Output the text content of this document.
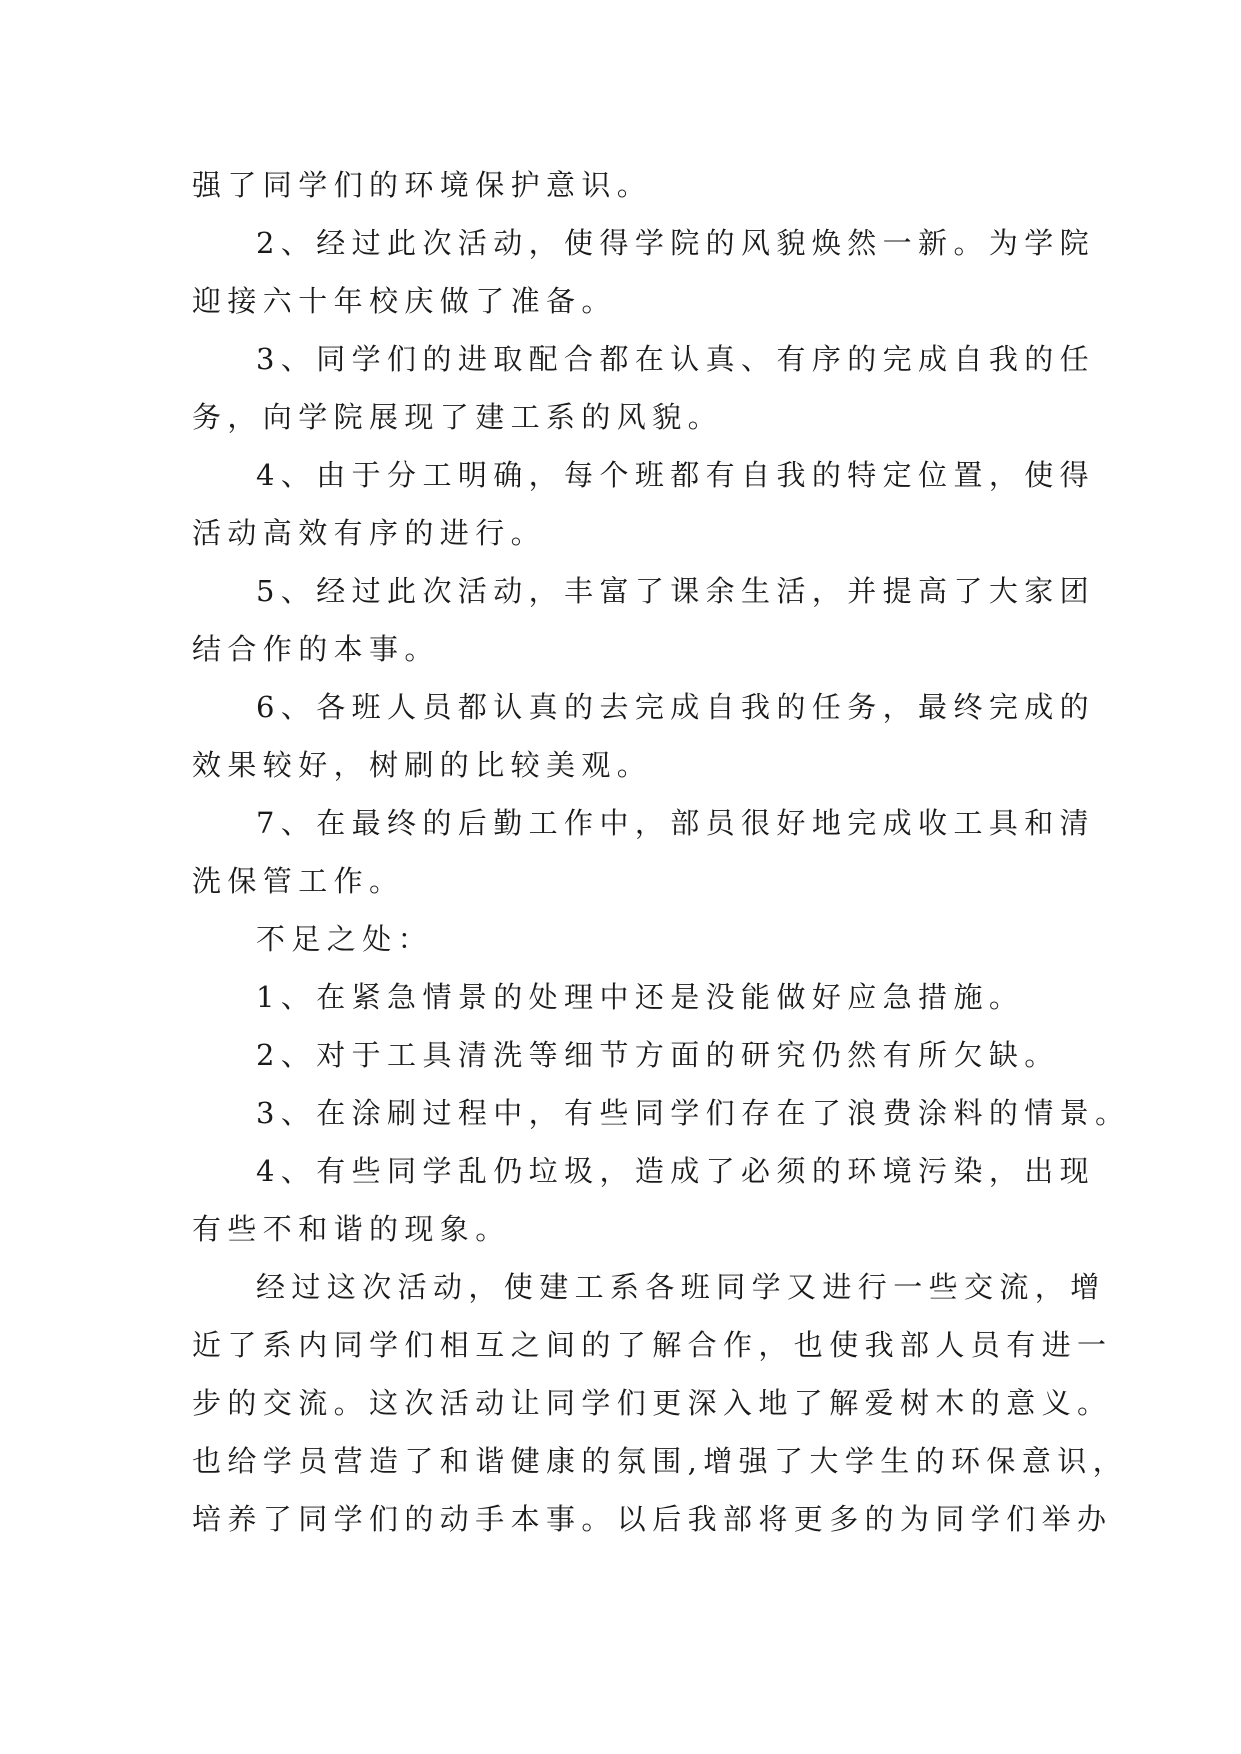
强了同学们的环境保护意识。

2、经过此次活动，使得学院的风貌焕然一新。为学院

迎接六十年校庆做了准备。

3、同学们的进取配合都在认真、有序的完成自我的任

务，向学院展现了建工系的风貌。

4、由于分工明确，每个班都有自我的特定位置，使得

活动高效有序的进行。

5、经过此次活动，丰富了课余生活，并提高了大家团

结合作的本事。

6、各班人员都认真的去完成自我的任务，最终完成的

效果较好，树刷的比较美观。

7、在最终的后勤工作中，部员很好地完成收工具和清

洗保管工作。

不足之处：

1、在紧急情景的处理中还是没能做好应急措施。

2、对于工具清洗等细节方面的研究仍然有所欠缺。

3、在涂刷过程中，有些同学们存在了浪费涂料的情景。

4、有些同学乱仍垃圾，造成了必须的环境污染，出现

有些不和谐的现象。

经过这次活动，使建工系各班同学又进行一些交流，增

近了系内同学们相互之间的了解合作，也使我部人员有进一

步的交流。这次活动让同学们更深入地了解爱树木的意义。

也给学员营造了和谐健康的氛围,增强了大学生的环保意识，

培养了同学们的动手本事。以后我部将更多的为同学们举办
